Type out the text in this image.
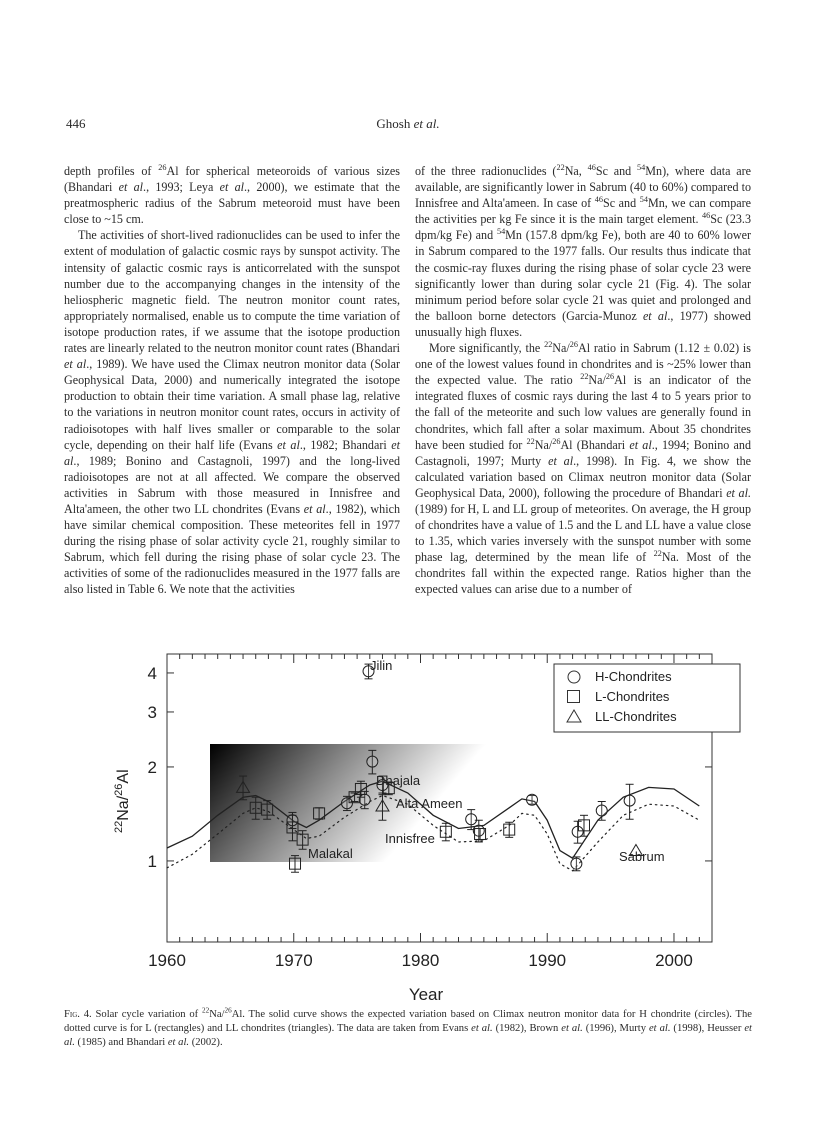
446	Ghosh et al.

depth profiles of $^{26}$Al for spherical meteoroids of various sizes (Bhandari et al., 1993; Leya et al., 2000), we estimate that the preatmospheric radius of the Sabrum meteoroid must have been close to ~15 cm.

The activities of short-lived radionuclides can be used to infer the extent of modulation of galactic cosmic rays by sunspot activity. The intensity of galactic cosmic rays is anticorrelated with the sunspot number due to the accompanying changes in the intensity of the heliospheric magnetic field. The neutron monitor count rates, appropriately normalised, enable us to compute the time variation of isotope production rates, if we assume that the isotope production rates are linearly related to the neutron monitor count rates (Bhandari et al., 1989). We have used the Climax neutron monitor data (Solar Geophysical Data, 2000) and numerically integrated the isotope production to obtain their time variation. A small phase lag, relative to the variations in neutron monitor count rates, occurs in activity of radioisotopes with half lives smaller or comparable to the solar cycle, depending on their half life (Evans et al., 1982; Bhandari et al., 1989; Bonino and Castagnoli, 1997) and the long-lived radioisotopes are not at all affected. We compare the observed activities in Sabrum with those measured in Innisfree and Alta'ameen, the other two LL chondrites (Evans et al., 1982), which have similar chemical composition. These meteorites fell in 1977 during the rising phase of solar activity cycle 21, roughly similar to Sabrum, which fell during the rising phase of solar cycle 23. The activities of some of the radionuclides measured in the 1977 falls are also listed in Table 6. We note that the activities

of the three radionuclides ($^{22}$Na, $^{46}$Sc and $^{54}$Mn), where data are available, are significantly lower in Sabrum (40 to 60%) compared to Innisfree and Alta'ameen. In case of $^{46}$Sc and $^{54}$Mn, we can compare the activities per kg Fe since it is the main target element. $^{46}$Sc (23.3 dpm/kg Fe) and $^{54}$Mn (157.8 dpm/kg Fe), both are 40 to 60% lower in Sabrum compared to the 1977 falls. Our results thus indicate that the cosmic-ray fluxes during the rising phase of solar cycle 23 were significantly lower than during solar cycle 21 (Fig. 4). The solar minimum period before solar cycle 21 was quiet and prolonged and the balloon borne detectors (Garcia-Munoz et al., 1977) showed unusually high fluxes.

More significantly, the $^{22}$Na/$^{26}$Al ratio in Sabrum (1.12 ± 0.02) is one of the lowest values found in chondrites and is ~25% lower than the expected value. The ratio $^{22}$Na/$^{26}$Al is an indicator of the integrated fluxes of cosmic rays during the last 4 to 5 years prior to the fall of the meteorite and such low values are generally found in chondrites, which fall after a solar maximum. About 35 chondrites have been studied for $^{22}$Na/$^{26}$Al (Bhandari et al., 1994; Bonino and Castagnoli, 1997; Murty et al., 1998). In Fig. 4, we show the calculated variation based on Climax neutron monitor data (Solar Geophysical Data, 2000), following the procedure of Bhandari et al. (1989) for H, L and LL group of meteorites. On average, the H group of chondrites have a value of 1.5 and the L and LL have a value close to 1.35, which varies inversely with the sunspot number with some phase lag, determined by the mean life of $^{22}$Na. Most of the chondrites fall within the expected range. Ratios higher than the expected values can arise due to a number of

1960	1970	1980	1990	2000
4
3
2
1
Jilin
Dhajala
Alta Ameen
Innisfree
Malakal	Sabrum
H-Chondrites
L-Chondrites
LL-Chondrites
$^{22}$Na/$^{26}$Al
Year
Fig. 4. Solar cycle variation of $^{22}$Na/$^{26}$Al. The solid curve shows the expected variation based on Climax neutron monitor data for H chondrite (circles). The dotted curve is for L (rectangles) and LL chondrites (triangles). The data are taken from Evans et al. (1982), Brown et al. (1996), Murty et al. (1998), Heusser et al. (1985) and Bhandari et al. (2002).
